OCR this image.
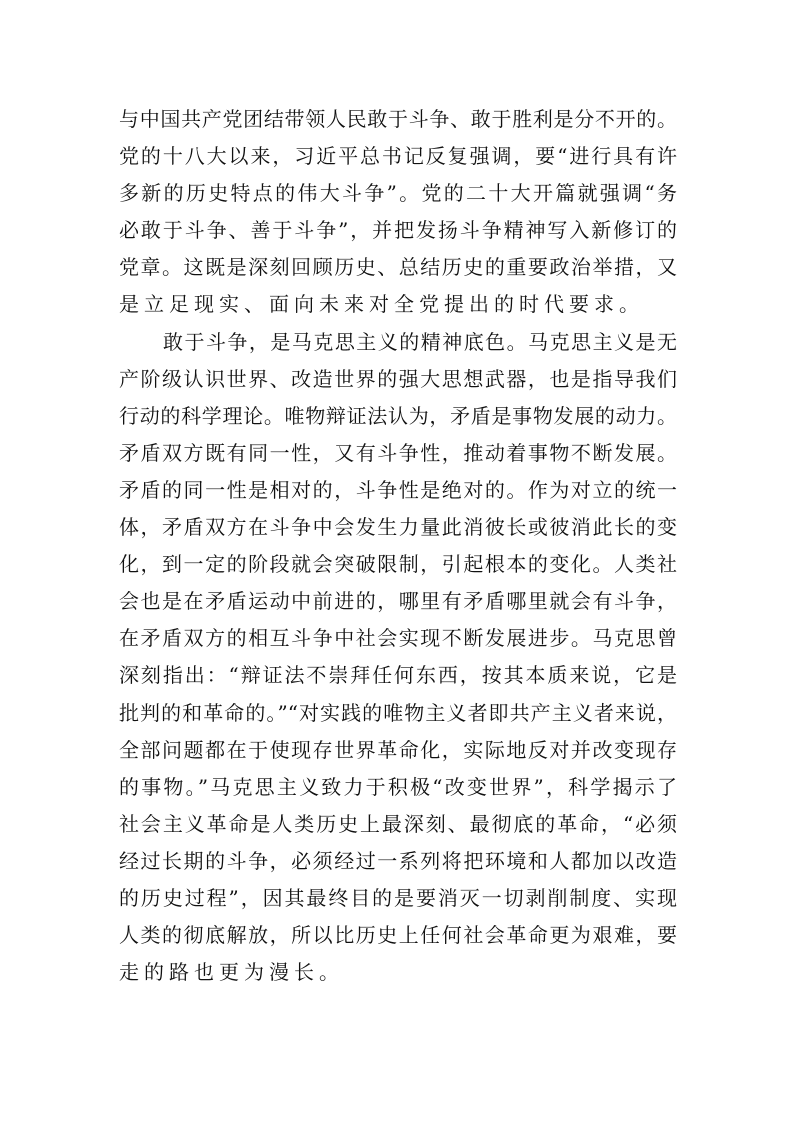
与中国共产党团结带领人民敢于斗争、敢于胜利是分不开的。
党的十八大以来，习近平总书记反复强调，要“进行具有许
多新的历史特点的伟大斗争”。党的二十大开篇就强调“务
必敢于斗争、善于斗争”，并把发扬斗争精神写入新修订的
党章。这既是深刻回顾历史、总结历史的重要政治举措，又
是立足现实、面向未来对全党提出的时代要求。
敢于斗争，是马克思主义的精神底色。马克思主义是无
产阶级认识世界、改造世界的强大思想武器，也是指导我们
行动的科学理论。唯物辩证法认为，矛盾是事物发展的动力。
矛盾双方既有同一性，又有斗争性，推动着事物不断发展。
矛盾的同一性是相对的，斗争性是绝对的。作为对立的统一
体，矛盾双方在斗争中会发生力量此消彼长或彼消此长的变
化，到一定的阶段就会突破限制，引起根本的变化。人类社
会也是在矛盾运动中前进的，哪里有矛盾哪里就会有斗争，
在矛盾双方的相互斗争中社会实现不断发展进步。马克思曾
深刻指出：“辩证法不崇拜任何东西，按其本质来说，它是
批判的和革命的。”“对实践的唯物主义者即共产主义者来说，
全部问题都在于使现存世界革命化，实际地反对并改变现存
的事物。”马克思主义致力于积极“改变世界”，科学揭示了
社会主义革命是人类历史上最深刻、最彻底的革命，“必须
经过长期的斗争，必须经过一系列将把环境和人都加以改造
的历史过程”，因其最终目的是要消灭一切剥削制度、实现
人类的彻底解放，所以比历史上任何社会革命更为艰难，要
走的路也更为漫长。
